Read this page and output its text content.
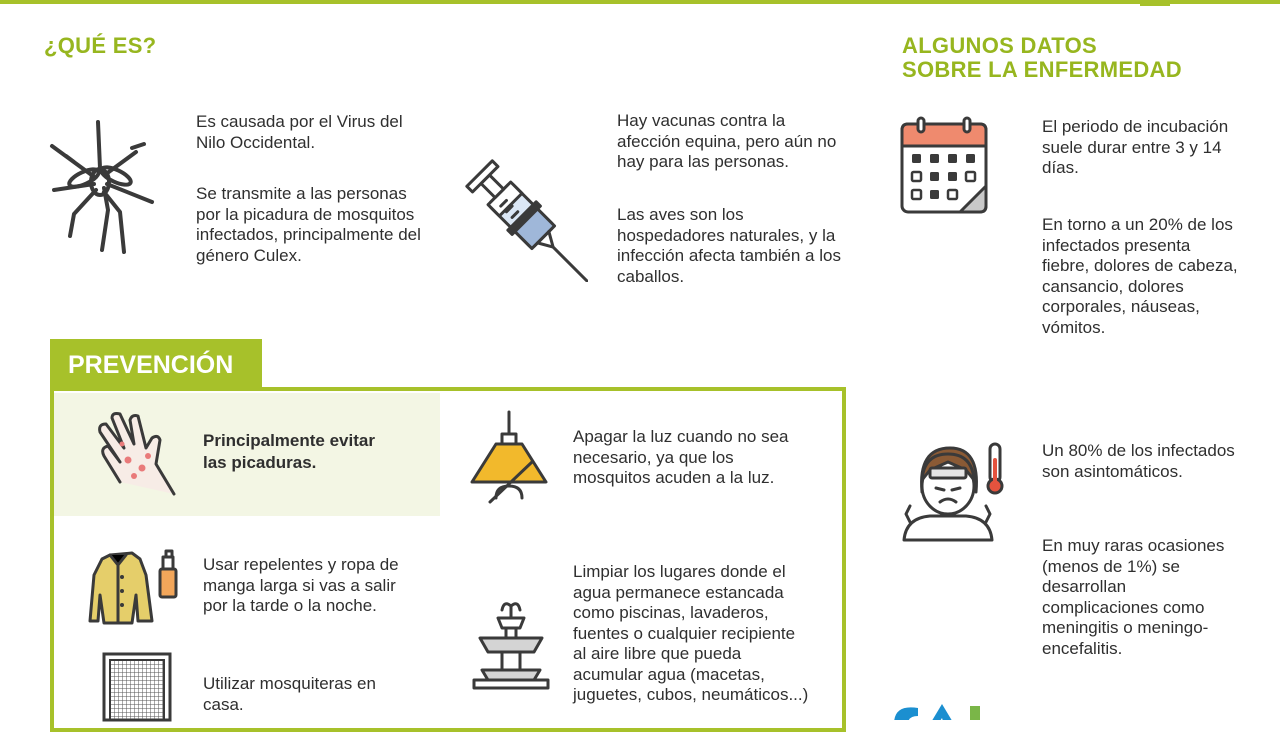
¿QUÉ ES?

Es causada por el Virus del Nilo Occidental.

Se transmite a las personas por la picadura de mosquitos infectados, principalmente del género Culex.

Hay vacunas contra la afección equina, pero aún no hay para las personas.

Las aves son los hospedadores naturales, y la infección afecta también a los caballos.

ALGUNOS DATOS
SOBRE LA ENFERMEDAD

El periodo de incubación suele durar entre 3 y 14 días.

En torno a un 20% de los infectados presenta fiebre, dolores de cabeza, cansancio, dolores corporales, náuseas, vómitos.

Un 80% de los infectados son asintomáticos.

En muy raras ocasiones (menos de 1%) se desarrollan complicaciones como meningitis o meningo-encefalitis.

PREVENCIÓN

Principalmente evitar las picaduras.

Usar repelentes y ropa de manga larga si vas a salir por la tarde o la noche.

Utilizar mosquiteras en casa.

Apagar la luz cuando no sea necesario, ya que los mosquitos acuden a la luz.

Limpiar los lugares donde el agua permanece estancada como piscinas, lavaderos, fuentes o cualquier recipiente al aire libre que pueda acumular agua (macetas, juguetes, cubos, neumáticos...)
